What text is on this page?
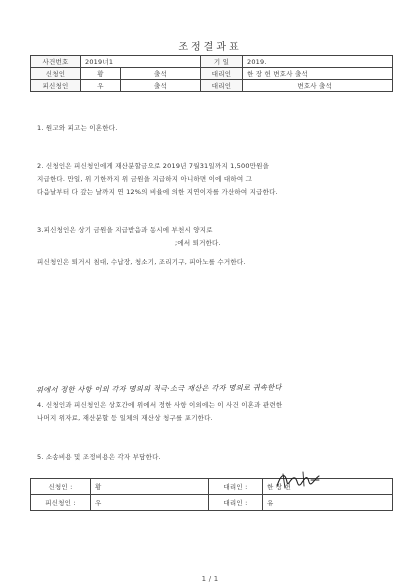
조정결과표
사건번호	2019너1		기 일	2019.
신청인	황	출석	대리인	한 장 헌 변호사 출석
피신청인	우	출석	대리인	변호사 출석
1. 원고와 피고는 이혼한다.
2. 신청인은 피신청인에게 재산분할금으로 2019년 7월31일까지 1,500만원을
지급한다. 만일, 위 기한까지 위 금원을 지급하지 아니하면 이에 대하여 그
다음날부터 다 갚는 날까지 연 12%의 비율에 의한 지연이자를 가산하여 지급한다.
3.피신청인은 상기 금원을 지급받음과 동시에 부천시 양지로
;에서 퇴거한다.
피신청인은 퇴거시 침대, 수납장, 청소기, 조리기구, 피아노를 수거한다.
위에서 정한 사항 이외 각자 명의의 적극·소극 재산은 각자 명의로 귀속한다
4. 신청인과 피신청인은 상호간에 위에서 정한 사항 이외에는 이 사건 이혼과 관련한
나머지 위자료, 재산분할 등 일체의 재산상 청구를 포기한다.
5. 소송비용 및 조정비용은 각자 부담한다.
신청인 :	황	대리인 :	한 장 헌
피신청인 :	우	대리인 :	유
1 / 1
